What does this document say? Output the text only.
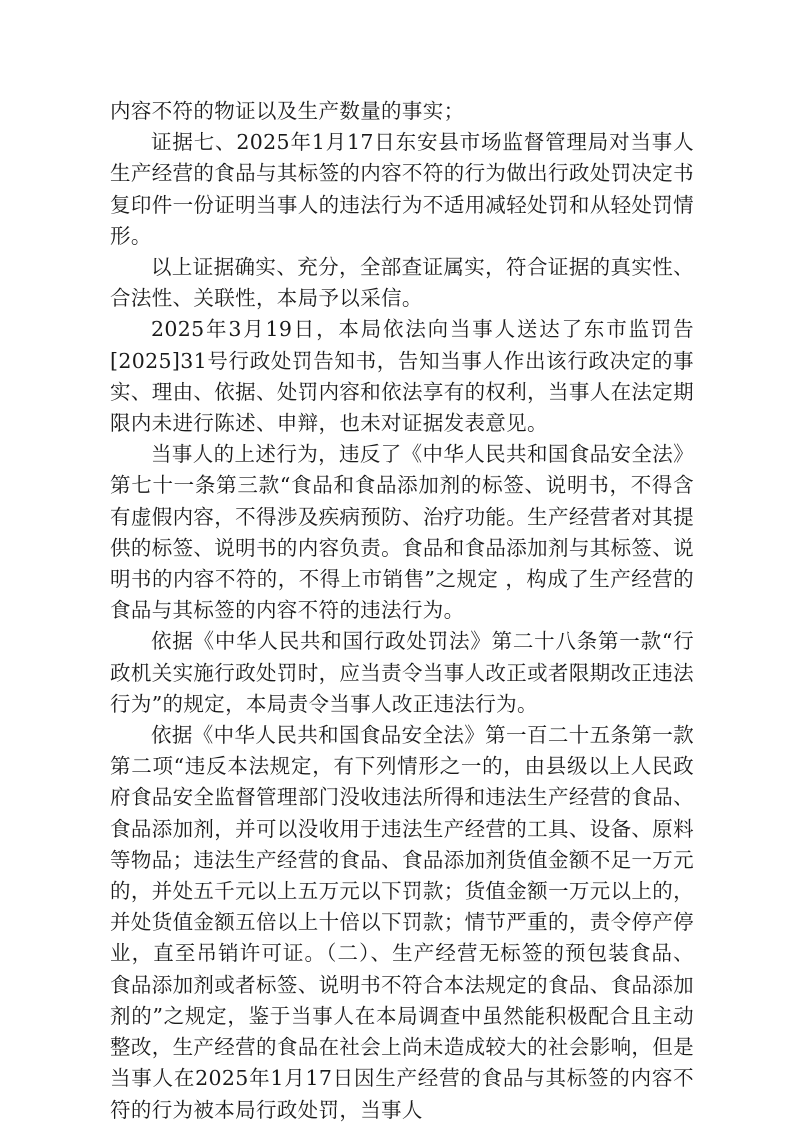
内容不符的物证以及生产数量的事实；

证据七、2025年1月17日东安县市场监督管理局对当事人生产经营的食品与其标签的内容不符的行为做出行政处罚决定书复印件一份证明当事人的违法行为不适用减轻处罚和从轻处罚情形。

以上证据确实、充分，全部查证属实，符合证据的真实性、合法性、关联性，本局予以采信。

2025年3月19日，本局依法向当事人送达了东市监罚告[2025]31号行政处罚告知书，告知当事人作出该行政决定的事实、理由、依据、处罚内容和依法享有的权利，当事人在法定期限内未进行陈述、申辩，也未对证据发表意见。

当事人的上述行为，违反了《中华人民共和国食品安全法》第七十一条第三款“食品和食品添加剂的标签、说明书，不得含有虚假内容，不得涉及疾病预防、治疗功能。生产经营者对其提供的标签、说明书的内容负责。食品和食品添加剂与其标签、说明书的内容不符的，不得上市销售”之规定 ，构成了生产经营的食品与其标签的内容不符的违法行为。

依据《中华人民共和国行政处罚法》第二十八条第一款“行政机关实施行政处罚时，应当责令当事人改正或者限期改正违法行为”的规定，本局责令当事人改正违法行为。

依据《中华人民共和国食品安全法》第一百二十五条第一款第二项“违反本法规定，有下列情形之一的，由县级以上人民政府食品安全监督管理部门没收违法所得和违法生产经营的食品、食品添加剂，并可以没收用于违法生产经营的工具、设备、原料等物品；违法生产经营的食品、食品添加剂货值金额不足一万元的，并处五千元以上五万元以下罚款；货值金额一万元以上的，并处货值金额五倍以上十倍以下罚款；情节严重的，责令停产停业，直至吊销许可证。（二）、生产经营无标签的预包装食品、食品添加剂或者标签、说明书不符合本法规定的食品、食品添加剂的”之规定，鉴于当事人在本局调查中虽然能积极配合且主动整改，生产经营的食品在社会上尚未造成较大的社会影响，但是当事人在2025年1月17日因生产经营的食品与其标签的内容不符的行为被本局行政处罚，当事人
